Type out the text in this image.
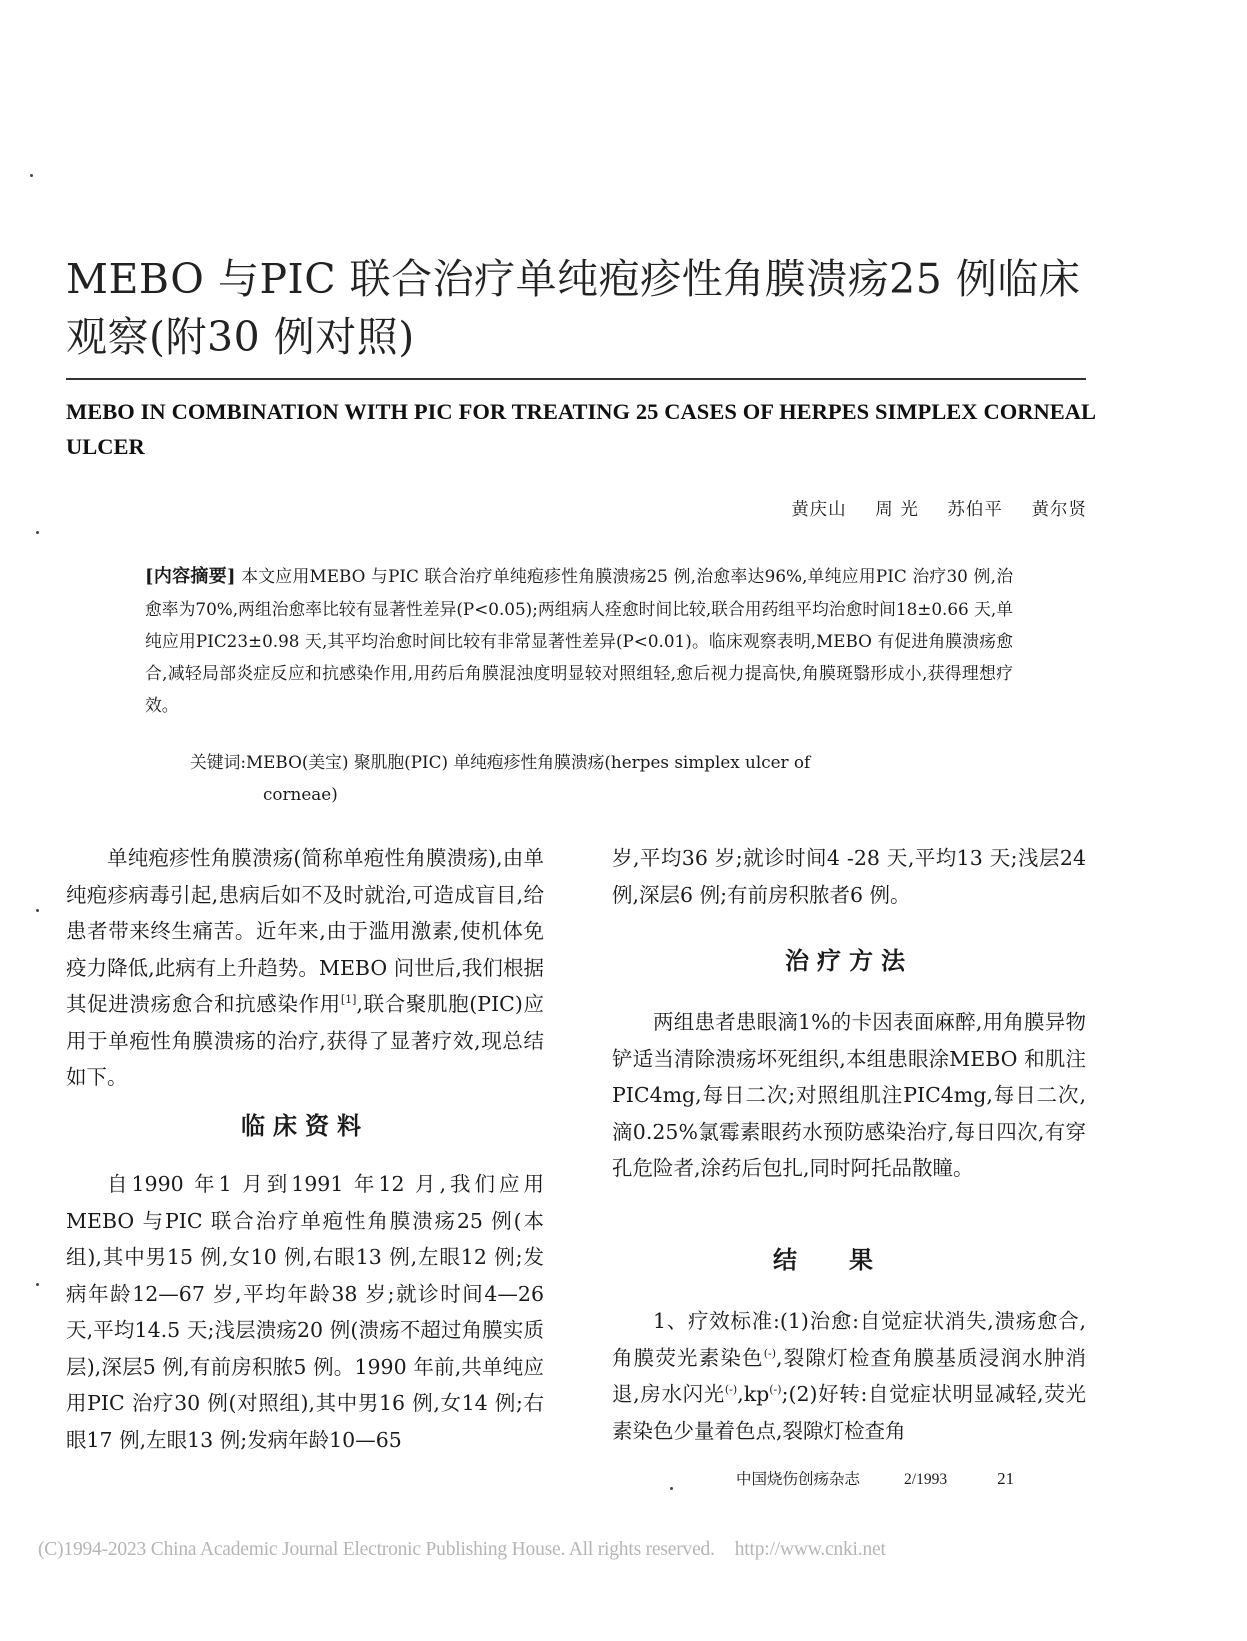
MEBO 与PIC 联合治疗单纯疱疹性角膜溃疡25 例临床观察(附30 例对照)
MEBO IN COMBINATION WITH PIC FOR TREATING 25 CASES OF HERPES SIMPLEX CORNEAL ULCER
黄庆山 周 光 苏伯平 黄尔贤
[内容摘要] 本文应用MEBO 与PIC 联合治疗单纯疱疹性角膜溃疡25 例,治愈率达96%,单纯应用PIC 治疗30 例,治愈率为70%,两组治愈率比较有显著性差异(P<0.05);两组病人痊愈时间比较,联合用药组平均治愈时间18±0.66 天,单纯应用PIC23±0.98 天,其平均治愈时间比较有非常显著性差异(P<0.01)。临床观察表明,MEBO 有促进角膜溃疡愈合,减轻局部炎症反应和抗感染作用,用药后角膜混浊度明显较对照组轻,愈后视力提高快,角膜斑翳形成小,获得理想疗效。
关键词:MEBO(美宝) 聚肌胞(PIC) 单纯疱疹性角膜溃疡(herpes simplex ulcer of
corneae)

单纯疱疹性角膜溃疡(简称单疱性角膜溃疡),由单纯疱疹病毒引起,患病后如不及时就治,可造成盲目,给患者带来终生痛苦。近年来,由于滥用激素,使机体免疫力降低,此病有上升趋势。MEBO 问世后,我们根据其促进溃疡愈合和抗感染作用[1],联合聚肌胞(PIC)应用于单疱性角膜溃疡的治疗,获得了显著疗效,现总结如下。

临床资料

自1990 年1 月到1991 年12 月,我们应用MEBO 与PIC 联合治疗单疱性角膜溃疡25 例(本组),其中男15 例,女10 例,右眼13 例,左眼12 例;发病年龄12—67 岁,平均年龄38 岁;就诊时间4—26 天,平均14.5 天;浅层溃疡20 例(溃疡不超过角膜实质层),深层5 例,有前房积脓5 例。1990 年前,共单纯应用PIC 治疗30 例(对照组),其中男16 例,女14 例;右眼17 例,左眼13 例;发病年龄10—65

岁,平均36 岁;就诊时间4 -28 天,平均13 天;浅层24 例,深层6 例;有前房积脓者6 例。

治疗方法

两组患者患眼滴1%的卡因表面麻醉,用角膜异物铲适当清除溃疡坏死组织,本组患眼涂MEBO 和肌注PIC4mg,每日二次;对照组肌注PIC4mg,每日二次,滴0.25%氯霉素眼药水预防感染治疗,每日四次,有穿孔危险者,涂药后包扎,同时阿托品散瞳。

结果

1、疗效标准:(1)治愈:自觉症状消失,溃疡愈合,角膜荧光素染色(-),裂隙灯检查角膜基质浸润水肿消退,房水闪光(-),kp(-);(2)好转:自觉症状明显减轻,荧光素染色少量着色点,裂隙灯检查角

中国烧伤创疡杂志	2/1993	21
(C)1994-2023 China Academic Journal Electronic Publishing House. All rights reserved. http://www.cnki.net
